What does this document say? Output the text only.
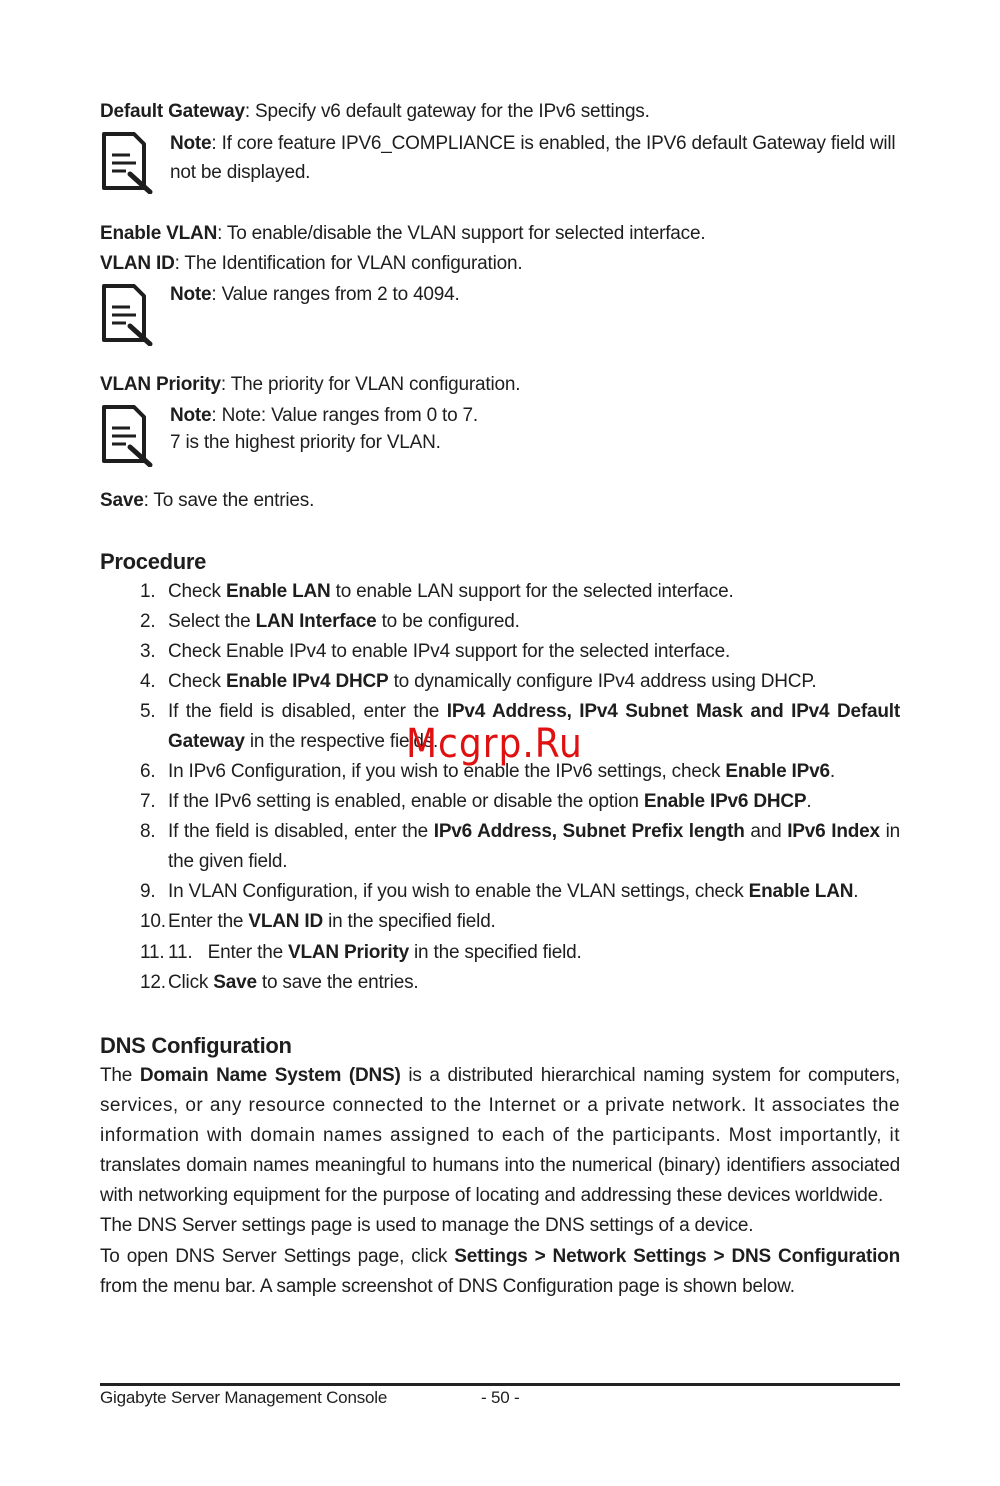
Default Gateway: Specify v6 default gateway for the IPv6 settings.
Note: If core feature IPV6_COMPLIANCE is enabled, the IPV6 default Gateway field will
not be displayed.
Enable VLAN: To enable/disable the VLAN support for selected interface.
VLAN ID: The Identification for VLAN configuration.
Note: Value ranges from 2 to 4094.
VLAN Priority: The priority for VLAN configuration.
Note: Note: Value ranges from 0 to 7.
7 is the highest priority for VLAN.
Save: To save the entries.
Procedure
1. Check Enable LAN to enable LAN support for the selected interface.
2. Select the LAN Interface to be configured.
3. Check Enable IPv4 to enable IPv4 support for the selected interface.
4. Check Enable IPv4 DHCP to dynamically configure IPv4 address using DHCP.
5. If the field is disabled, enter the IPv4 Address, IPv4 Subnet Mask and IPv4 Default
Gateway in the respective fields.
6. In IPv6 Configuration, if you wish to enable the IPv6 settings, check Enable IPv6.
7. If the IPv6 setting is enabled, enable or disable the option Enable IPv6 DHCP.
8. If the field is disabled, enter the IPv6 Address, Subnet Prefix length and IPv6 Index in
the given field.
9. In VLAN Configuration, if you wish to enable the VLAN settings, check Enable LAN.
10. Enter the VLAN ID in the specified field.
11. 11.   Enter the VLAN Priority in the specified field.
12. Click Save to save the entries.
DNS Configuration
The Domain Name System (DNS) is a distributed hierarchical naming system for computers,
services, or any resource connected to the Internet or a private network. It associates the
information with domain names assigned to each of the participants. Most importantly, it
translates domain names meaningful to humans into the numerical (binary) identifiers associated
with networking equipment for the purpose of locating and addressing these devices worldwide.
The DNS Server settings page is used to manage the DNS settings of a device.
To open DNS Server Settings page, click Settings > Network Settings > DNS Configuration
from the menu bar. A sample screenshot of DNS Configuration page is shown below.
Mcgrp.Ru
Gigabyte Server Management Console	- 50 -
